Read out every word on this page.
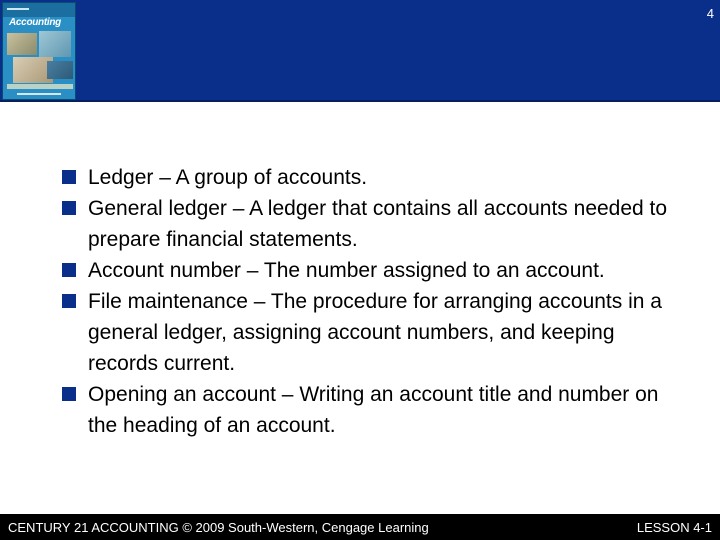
Accounting
4
Ledger – A group of accounts.
General ledger – A ledger that contains all accounts needed to prepare financial statements.
Account number – The number assigned to an account.
File maintenance – The procedure for arranging accounts in a general ledger, assigning account numbers, and keeping records current.
Opening an account – Writing an account title and number on the heading of an account.
CENTURY 21 ACCOUNTING © 2009 South-Western, Cengage Learning	LESSON 4-1
